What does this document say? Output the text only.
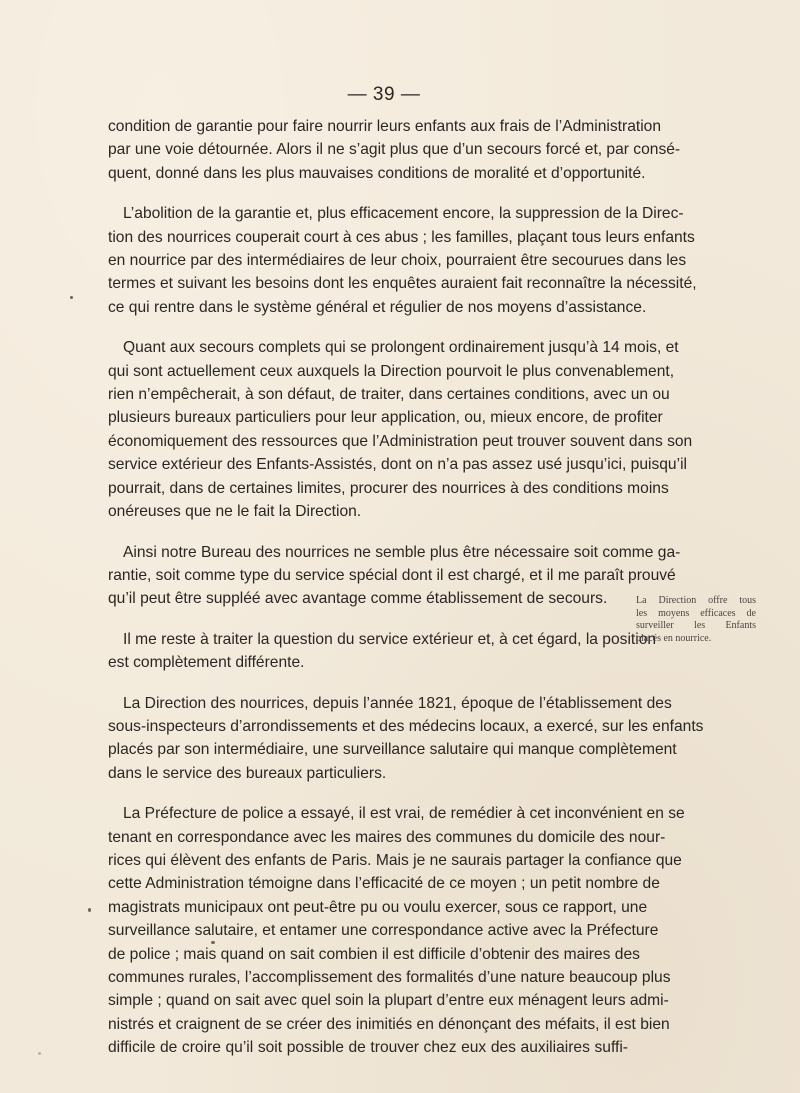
— 39 —

condition de garantie pour faire nourrir leurs enfants aux frais de l’Administration
par une voie détournée. Alors il ne s’agit plus que d’un secours forcé et, par consé-
quent, donné dans les plus mauvaises conditions de moralité et d’opportunité.

L’abolition de la garantie et, plus efficacement encore, la suppression de la Direc-
tion des nourrices couperait court à ces abus ; les familles, plaçant tous leurs enfants
en nourrice par des intermédiaires de leur choix, pourraient être secourues dans les
termes et suivant les besoins dont les enquêtes auraient fait reconnaître la nécessité,
ce qui rentre dans le système général et régulier de nos moyens d’assistance.

Quant aux secours complets qui se prolongent ordinairement jusqu’à 14 mois, et
qui sont actuellement ceux auxquels la Direction pourvoit le plus convenablement,
rien n’empêcherait, à son défaut, de traiter, dans certaines conditions, avec un ou
plusieurs bureaux particuliers pour leur application, ou, mieux encore, de profiter
économiquement des ressources que l’Administration peut trouver souvent dans son
service extérieur des Enfants-Assistés, dont on n’a pas assez usé jusqu’ici, puisqu’il
pourrait, dans de certaines limites, procurer des nourrices à des conditions moins
onéreuses que ne le fait la Direction.

Ainsi notre Bureau des nourrices ne semble plus être nécessaire soit comme ga-
rantie, soit comme type du service spécial dont il est chargé, et il me paraît prouvé
qu’il peut être suppléé avec avantage comme établissement de secours.

Il me reste à traiter la question du service extérieur et, à cet égard, la position
est complètement différente.

La Direction des nourrices, depuis l’année 1821, époque de l’établissement des
sous-inspecteurs d’arrondissements et des médecins locaux, a exercé, sur les enfants
placés par son intermédiaire, une surveillance salutaire qui manque complètement
dans le service des bureaux particuliers.

La Préfecture de police a essayé, il est vrai, de remédier à cet inconvénient en se
tenant en correspondance avec les maires des communes du domicile des nour-
rices qui élèvent des enfants de Paris. Mais je ne saurais partager la confiance que
cette Administration témoigne dans l’efficacité de ce moyen ; un petit nombre de
magistrats municipaux ont peut-être pu ou voulu exercer, sous ce rapport, une
surveillance salutaire, et entamer une correspondance active avec la Préfecture
de police ; mais quand on sait combien il est difficile d’obtenir des maires des
communes rurales, l’accomplissement des formalités d’une nature beaucoup plus
simple ; quand on sait avec quel soin la plupart d’entre eux ménagent leurs admi-
nistrés et craignent de se créer des inimitiés en dénonçant des méfaits, il est bien
difficile de croire qu’il soit possible de trouver chez eux des auxiliaires suffi-

La Direction offre tous
les moyens efficaces de
surveiller les Enfants
placés en nourrice.
